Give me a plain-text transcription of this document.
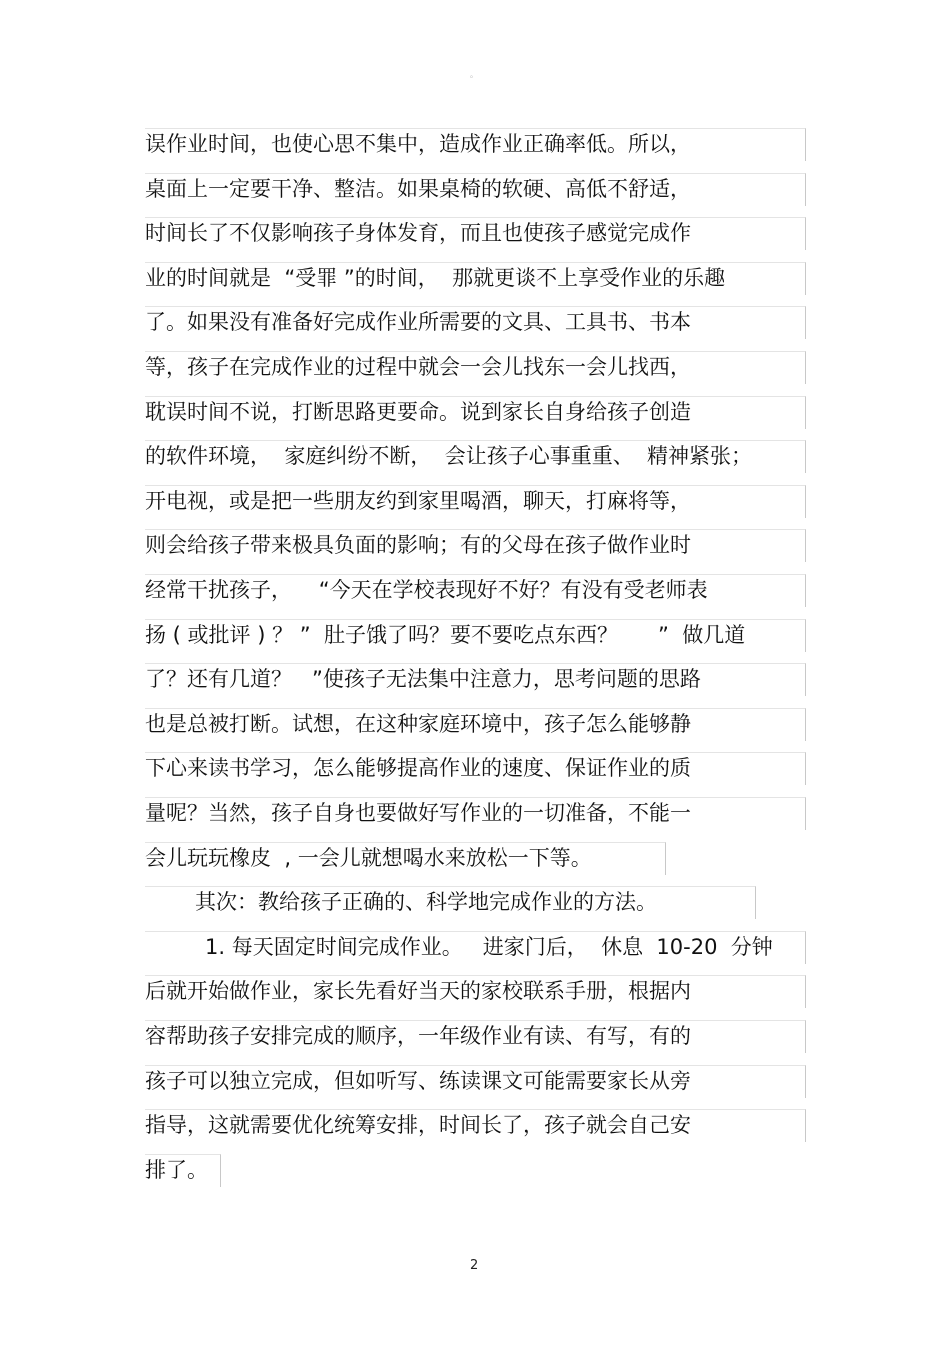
。
误作业时间，也使心思不集中，造成作业正确率低。所以，
桌面上一定要干净、整洁。如果桌椅的软硬、高低不舒适，
时间长了不仅影响孩子身体发育，而且也使孩子感觉完成作
业的时间就是  “受罪 ”的时间，  那就更谈不上享受作业的乐趣
了。如果没有准备好完成作业所需要的文具、工具书、书本
等，孩子在完成作业的过程中就会一会儿找东一会儿找西，
耽误时间不说，打断思路更要命。说到家长自身给孩子创造
的软件环境，  家庭纠纷不断，  会让孩子心事重重、  精神紧张；
开电视，或是把一些朋友约到家里喝酒，聊天，打麻将等，
则会给孩子带来极具负面的影响；有的父母在孩子做作业时
经常干扰孩子，    “今天在学校表现好不好？有没有受老师表
扬 ( 或批评 ) ？ ”  肚子饿了吗？要不要吃点东西？      ”  做几道
了？还有几道？   ”使孩子无法集中注意力，思考问题的思路
也是总被打断。试想，在这种家庭环境中，孩子怎么能够静
下心来读书学习，怎么能够提高作业的速度、保证作业的质
量呢？当然，孩子自身也要做好写作业的一切准备，不能一
会儿玩玩橡皮  , 一会儿就想喝水来放松一下等。
其次：教给孩子正确的、科学地完成作业的方法。
1. 每天固定时间完成作业。   进家门后，  休息  10-20  分钟
后就开始做作业，家长先看好当天的家校联系手册，根据内
容帮助孩子安排完成的顺序，一年级作业有读、有写，有的
孩子可以独立完成，但如听写、练读课文可能需要家长从旁
指导，这就需要优化统筹安排，时间长了，孩子就会自己安
排了。
2
